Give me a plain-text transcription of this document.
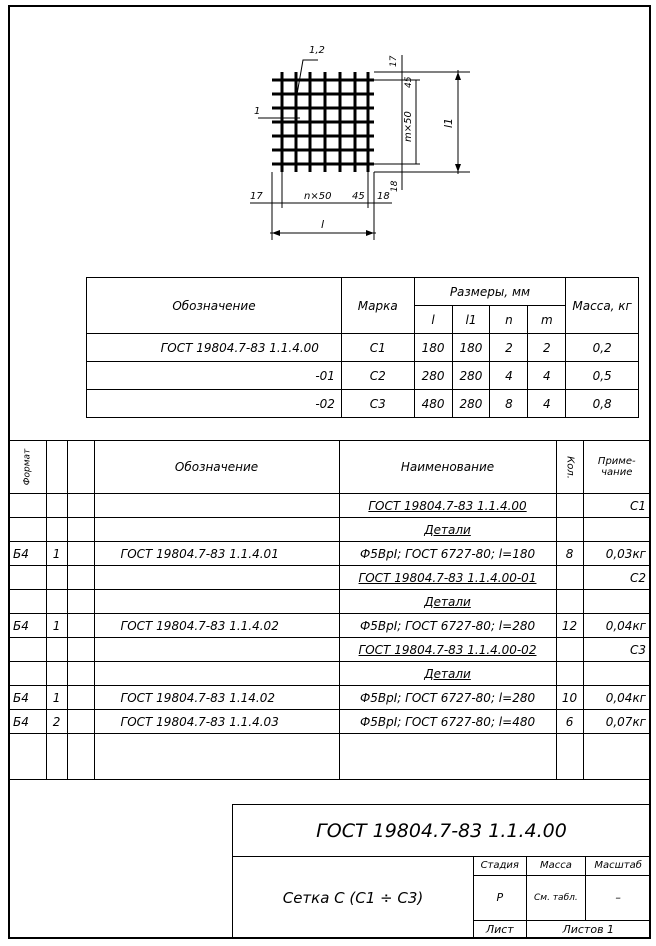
1,2
1
17
45
m×50	l1
18
17	n×50 45 18
l
Обозначение	Марка	Размеры, мм				Масса, кг
		l	l1	n	m	
ГОСТ 19804.7-83 1.1.4.00	С1	180	180	2	2	0,2
-01	С2	280	280	4	4	0,5
-02	С3	480	280	8	4	0,8
Формат			Обозначение	Наименование	Кол.	Приме- чание
				ГОСТ 19804.7-83 1.1.4.00		С1
				Детали		
Б4	1		ГОСТ 19804.7-83 1.1.4.01	Ф5ВрI; ГОСТ 6727-80; l=180	8	0,03кг
				ГОСТ 19804.7-83 1.1.4.00-01		С2
				Детали		
Б4	1		ГОСТ 19804.7-83 1.1.4.02	Ф5ВрI; ГОСТ 6727-80; l=280	12	0,04кг
				ГОСТ 19804.7-83 1.1.4.00-02		С3
				Детали		
Б4	1		ГОСТ 19804.7-83 1.14.02	Ф5ВрI; ГОСТ 6727-80; l=280	10	0,04кг
Б4	2		ГОСТ 19804.7-83 1.1.4.03	Ф5ВрI; ГОСТ 6727-80; l=480	6	0,07кг

ГОСТ 19804.7-83 1.1.4.00			
Сетка С (С1 ÷ С3)	Стадия	Масса	Масштаб
	Р	См. табл.	–
	Лист	Листов 1	
